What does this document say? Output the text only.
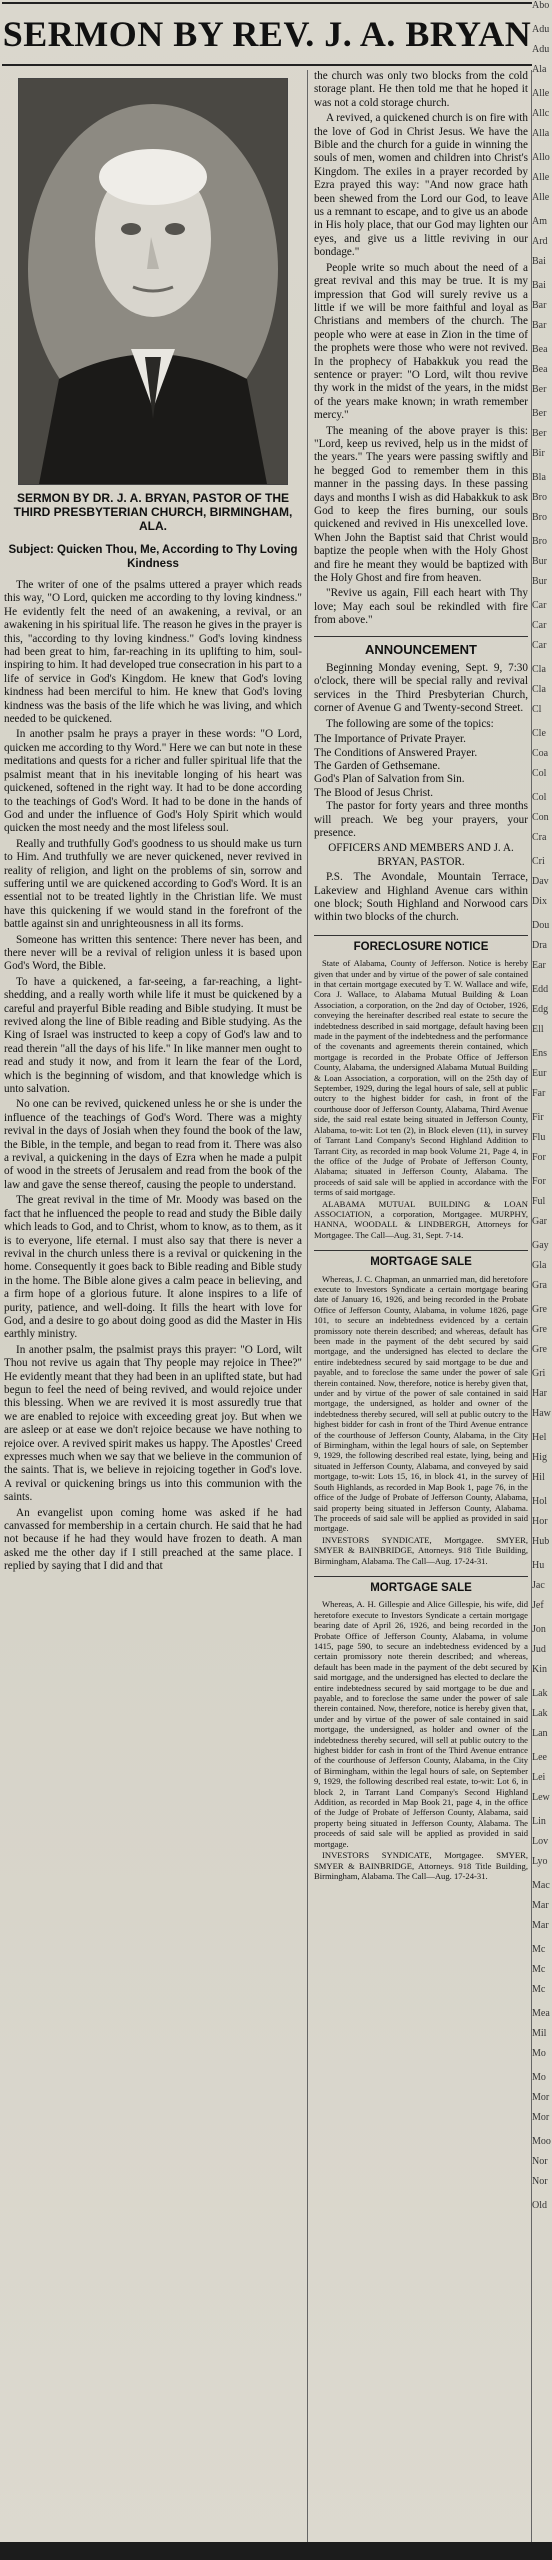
SERMON BY REV. J. A. BRYAN
SERMON BY DR. J. A. BRYAN, PASTOR OF THE THIRD PRESBYTERIAN CHURCH, BIRMINGHAM, ALA.
Subject: Quicken Thou, Me, According to Thy Loving Kindness

The writer of one of the psalms uttered a prayer which reads this way, "O Lord, quicken me according to thy loving kindness." He evidently felt the need of an awakening, a revival, or an awakening in his spiritual life. The reason he gives in the prayer is this, "according to thy loving kindness." God's loving kindness had been great to him, far-reaching in its uplifting to him, soul-inspiring to him. It had developed true consecration in his part to a life of service in God's Kingdom. He knew that God's loving kindness had been merciful to him. He knew that God's loving kindness was the basis of the life which he was living, and which needed to be quickened.

In another psalm he prays a prayer in these words: "O Lord, quicken me according to thy Word." Here we can but note in these meditations and quests for a richer and fuller spiritual life that the psalmist meant that in his inevitable longing of his heart was quickened, softened in the right way. It had to be done according to the teachings of God's Word. It had to be done in the hands of God and under the influence of God's Holy Spirit which would quicken the most needy and the most lifeless soul.

Really and truthfully God's goodness to us should make us turn to Him. And truthfully we are never quickened, never revived in reality of religion, and light on the problems of sin, sorrow and suffering until we are quickened according to God's Word. It is an essential not to be treated lightly in the Christian life. We must have this quickening if we would stand in the forefront of the battle against sin and unrighteousness in all its forms.

Someone has written this sentence: There never has been, and there never will be a revival of religion unless it is based upon God's Word, the Bible.

To have a quickened, a far-seeing, a far-reaching, a light-shedding, and a really worth while life it must be quickened by a careful and prayerful Bible reading and Bible studying. It must be revived along the line of Bible reading and Bible studying. As the King of Israel was instructed to keep a copy of God's law and to read therein "all the days of his life." In like manner men ought to read and study it now, and from it learn the fear of the Lord, which is the beginning of wisdom, and that knowledge which is unto salvation.

No one can be revived, quickened unless he or she is under the influence of the teachings of God's Word. There was a mighty revival in the days of Josiah when they found the book of the law, the Bible, in the temple, and began to read from it. There was also a revival, a quickening in the days of Ezra when he made a pulpit of wood in the streets of Jerusalem and read from the book of the law and gave the sense thereof, causing the people to understand.

The great revival in the time of Mr. Moody was based on the fact that he influenced the people to read and study the Bible daily which leads to God, and to Christ, whom to know, as to them, as it is to everyone, life eternal. I must also say that there is never a revival in the church unless there is a revival or quickening in the home. Consequently it goes back to Bible reading and Bible study in the home. The Bible alone gives a calm peace in believing, and a firm hope of a glorious future. It alone inspires to a life of purity, patience, and well-doing. It fills the heart with love for God, and a desire to go about doing good as did the Master in His earthly ministry.

In another psalm, the psalmist prays this prayer: "O Lord, wilt Thou not revive us again that Thy people may rejoice in Thee?" He evidently meant that they had been in an uplifted state, but had begun to feel the need of being revived, and would rejoice under this blessing. When we are revived it is most assuredly true that we are enabled to rejoice with exceeding great joy. But when we are asleep or at ease we don't rejoice because we have nothing to rejoice over. A revived spirit makes us happy. The Apostles' Creed expresses much when we say that we believe in the communion of the saints. That is, we believe in rejoicing together in God's love. A revival or quickening brings us into this communion with the saints.

An evangelist upon coming home was asked if he had canvassed for membership in a certain church. He said that he had not because if he had they would have frozen to death. A man asked me the other day if I still preached at the same place. I replied by saying that I did and that

the church was only two blocks from the cold storage plant. He then told me that he hoped it was not a cold storage church.

A revived, a quickened church is on fire with the love of God in Christ Jesus. We have the Bible and the church for a guide in winning the souls of men, women and children into Christ's Kingdom. The exiles in a prayer recorded by Ezra prayed this way: "And now grace hath been shewed from the Lord our God, to leave us a remnant to escape, and to give us an abode in His holy place, that our God may lighten our eyes, and give us a little reviving in our bondage."

People write so much about the need of a great revival and this may be true. It is my impression that God will surely revive us a little if we will be more faithful and loyal as Christians and members of the church. The people who were at ease in Zion in the time of the prophets were those who were not revived. In the prophecy of Habakkuk you read the sentence or prayer: "O Lord, wilt thou revive thy work in the midst of the years, in the midst of the years make known; in wrath remember mercy."

The meaning of the above prayer is this: "Lord, keep us revived, help us in the midst of the years." The years were passing swiftly and he begged God to remember them in this manner in the passing days. In these passing days and months I wish as did Habakkuk to ask God to keep the fires burning, our souls quickened and revived in His unexcelled love. When John the Baptist said that Christ would baptize the people when with the Holy Ghost and fire he meant they would be baptized with the Holy Ghost and fire from heaven.

"Revive us again, Fill each heart with Thy love; May each soul be rekindled with fire from above."

ANNOUNCEMENT

Beginning Monday evening, Sept. 9, 7:30 o'clock, there will be special rally and revival services in the Third Presbyterian Church, corner of Avenue G and Twenty-second Street.

The following are some of the topics:

The Importance of Private Prayer.

The Conditions of Answered Prayer.

The Garden of Gethsemane.

God's Plan of Salvation from Sin.

The Blood of Jesus Christ.

The pastor for forty years and three months will preach. We beg your prayers, your presence.

OFFICERS AND MEMBERS AND J. A. BRYAN, PASTOR.

P.S. The Avondale, Mountain Terrace, Lakeview and Highland Avenue cars within one block; South Highland and Norwood cars within two blocks of the church.

FORECLOSURE NOTICE

State of Alabama, County of Jefferson. Notice is hereby given that under and by virtue of the power of sale contained in that certain mortgage executed by T. W. Wallace and wife, Cora J. Wallace, to Alabama Mutual Building & Loan Association, a corporation, on the 2nd day of October, 1926, conveying the hereinafter described real estate to secure the indebtedness described in said mortgage, default having been made in the payment of the indebtedness and the performance of the covenants and agreements therein contained, which mortgage is recorded in the Probate Office of Jefferson County, Alabama, the undersigned Alabama Mutual Building & Loan Association, a corporation, will on the 25th day of September, 1929, during the legal hours of sale, sell at public outcry to the highest bidder for cash, in front of the courthouse door of Jefferson County, Alabama, Third Avenue side, the said real estate being situated in Jefferson County, Alabama, to-wit: Lot ten (2), in Block eleven (11), in survey of Tarrant Land Company's Second Highland Addition to Tarrant City, as recorded in map book Volume 21, Page 4, in the office of the Judge of Probate of Jefferson County, Alabama; situated in Jefferson County, Alabama. The proceeds of said sale will be applied in accordance with the terms of said mortgage.

ALABAMA MUTUAL BUILDING & LOAN ASSOCIATION, a corporation, Mortgagee. MURPHY, HANNA, WOODALL & LINDBERGH, Attorneys for Mortgagee. The Call—Aug. 31, Sept. 7-14.

MORTGAGE SALE

Whereas, J. C. Chapman, an unmarried man, did heretofore execute to Investors Syndicate a certain mortgage bearing date of January 16, 1926, and being recorded in the Probate Office of Jefferson County, Alabama, in volume 1826, page 101, to secure an indebtedness evidenced by a certain promissory note therein described; and whereas, default has been made in the payment of the debt secured by said mortgage, and the undersigned has elected to declare the entire indebtedness secured by said mortgage to be due and payable, and to foreclose the same under the power of sale therein contained. Now, therefore, notice is hereby given that, under and by virtue of the power of sale contained in said mortgage, the undersigned, as holder and owner of the indebtedness thereby secured, will sell at public outcry to the highest bidder for cash in front of the Third Avenue entrance of the courthouse of Jefferson County, Alabama, in the City of Birmingham, within the legal hours of sale, on September 9, 1929, the following described real estate, lying, being and situated in Jefferson County, Alabama, and conveyed by said mortgage, to-wit: Lots 15, 16, in block 41, in the survey of South Highlands, as recorded in Map Book 1, page 76, in the office of the Judge of Probate of Jefferson County, Alabama, said property being situated in Jefferson County, Alabama. The proceeds of said sale will be applied as provided in said mortgage.

INVESTORS SYNDICATE, Mortgagee. SMYER, SMYER & BAINBRIDGE, Attorneys. 918 Title Building, Birmingham, Alabama. The Call—Aug. 17-24-31.

MORTGAGE SALE

Whereas, A. H. Gillespie and Alice Gillespie, his wife, did heretofore execute to Investors Syndicate a certain mortgage bearing date of April 26, 1926, and being recorded in the Probate Office of Jefferson County, Alabama, in volume 1415, page 590, to secure an indebtedness evidenced by a certain promissory note therein described; and whereas, default has been made in the payment of the debt secured by said mortgage, and the undersigned has elected to declare the entire indebtedness secured by said mortgage to be due and payable, and to foreclose the same under the power of sale therein contained. Now, therefore, notice is hereby given that, under and by virtue of the power of sale contained in said mortgage, the undersigned, as holder and owner of the indebtedness thereby secured, will sell at public outcry to the highest bidder for cash in front of the Third Avenue entrance of the courthouse of Jefferson County, Alabama, in the City of Birmingham, within the legal hours of sale, on September 9, 1929, the following described real estate, to-wit: Lot 6, in block 2, in Tarrant Land Company's Second Highland Addition, as recorded in Map Book 21, page 4, in the office of the Judge of Probate of Jefferson County, Alabama, said property being situated in Jefferson County, Alabama. The proceeds of said sale will be applied as provided in said mortgage.

INVESTORS SYNDICATE, Mortgagee. SMYER, SMYER & BAINBRIDGE, Attorneys. 918 Title Building, Birmingham, Alabama. The Call—Aug. 17-24-31.

Abo
Adu
Adu
Ala
Alle
Allc
Alla
Allo
Alle
Alle
Am
Ard
Bai
Bai
Bar
Bar
Bea
Bea
Ber
Ber
Ber
Bir
Bla
Bro
Bro
Bro
Bur
Bur
Car
Car
Car
Cla
Cla
Cl
Cle
Coa
Col
Col
Con
Cra
Cri
Dav
Dix
Dou
Dra
Ear
Edd
Edg
Ell
Ens
Eur
Far
Fir
Flu
For
For
Ful
Gar
Gay
Gla
Gra
Gre
Gre
Gre
Gri
Har
Haw
Hel
Hig
Hil
Hol
Hor
Hub
Hu
Jac
Jef
Jon
Jud
Kin
Lak
Lak
Lan
Lee
Lei
Lew
Lin
Lov
Lyo
Mac
Mar
Mar
Mc
Mc
Mc
Mea
Mil
Mo
Mo
Mor
Mor
Moo
Nor
Nor
Old
